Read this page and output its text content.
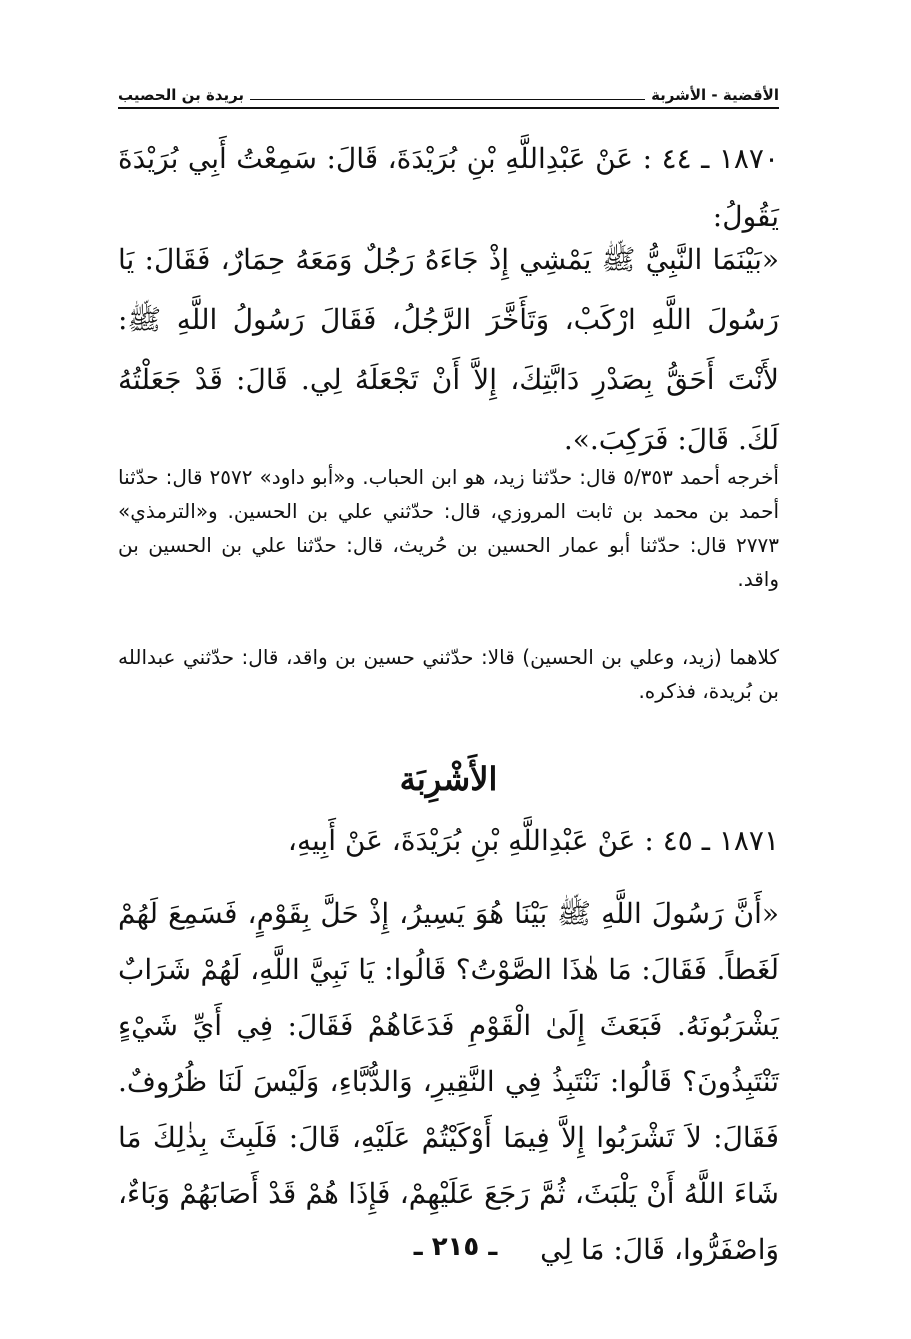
الأقضية - الأشربة
بريدة بن الحصيب

١٨٧٠ ـ ٤٤ : عَنْ عَبْدِاللَّهِ بْنِ بُرَيْدَةَ، قَالَ: سَمِعْتُ أَبِي بُرَيْدَةَ يَقُولُ:

«بَيْنَمَا النَّبِيُّ ﷺ يَمْشِي إِذْ جَاءَهُ رَجُلٌ وَمَعَهُ حِمَارٌ، فَقَالَ: يَا رَسُولَ اللَّهِ ارْكَبْ، وَتَأَخَّرَ الرَّجُلُ، فَقَالَ رَسُولُ اللَّهِ ﷺ: لأَنْتَ أَحَقُّ بِصَدْرِ دَابَّتِكَ، إِلاَّ أَنْ تَجْعَلَهُ لِي. قَالَ: قَدْ جَعَلْتُهُ لَكَ. قَالَ: فَرَكِبَ.».

أخرجه أحمد ٥/٣٥٣ قال: حدّثنا زيد، هو ابن الحباب. و«أبو داود» ٢٥٧٢ قال: حدّثنا أحمد بن محمد بن ثابت المروزي، قال: حدّثني علي بن الحسين. و«الترمذي» ٢٧٧٣ قال: حدّثنا أبو عمار الحسين بن حُريث، قال: حدّثنا علي بن الحسين بن واقد.

كلاهما (زيد، وعلي بن الحسين) قالا: حدّثني حسين بن واقد، قال: حدّثني عبدالله بن بُريدة، فذكره.

الأَشْرِبَة

١٨٧١ ـ ٤٥ : عَنْ عَبْدِاللَّهِ بْنِ بُرَيْدَةَ، عَنْ أَبِيهِ،

«أَنَّ رَسُولَ اللَّهِ ﷺ بَيْنَا هُوَ يَسِيرُ، إِذْ حَلَّ بِقَوْمٍ، فَسَمِعَ لَهُمْ لَغَطاً. فَقَالَ: مَا هٰذَا الصَّوْتُ؟ قَالُوا: يَا نَبِيَّ اللَّهِ، لَهُمْ شَرَابٌ يَشْرَبُونَهُ. فَبَعَثَ إِلَىٰ الْقَوْمِ فَدَعَاهُمْ فَقَالَ: فِي أَيِّ شَيْءٍ تَنْتَبِذُونَ؟ قَالُوا: نَنْتَبِذُ فِي النَّقِيرِ، وَالدُّبَّاءِ، وَلَيْسَ لَنَا ظُرُوفٌ. فَقَالَ: لاَ تَشْرَبُوا إِلاَّ فِيمَا أَوْكَيْتُمْ عَلَيْهِ، قَالَ: فَلَبِثَ بِذٰلِكَ مَا شَاءَ اللَّهُ أَنْ يَلْبَثَ، ثُمَّ رَجَعَ عَلَيْهِمْ، فَإِذَا هُمْ قَدْ أَصَابَهُمْ وَبَاءٌ، وَاصْفَرُّوا، قَالَ: مَا لِي

ـ ٢١٥ ـ
